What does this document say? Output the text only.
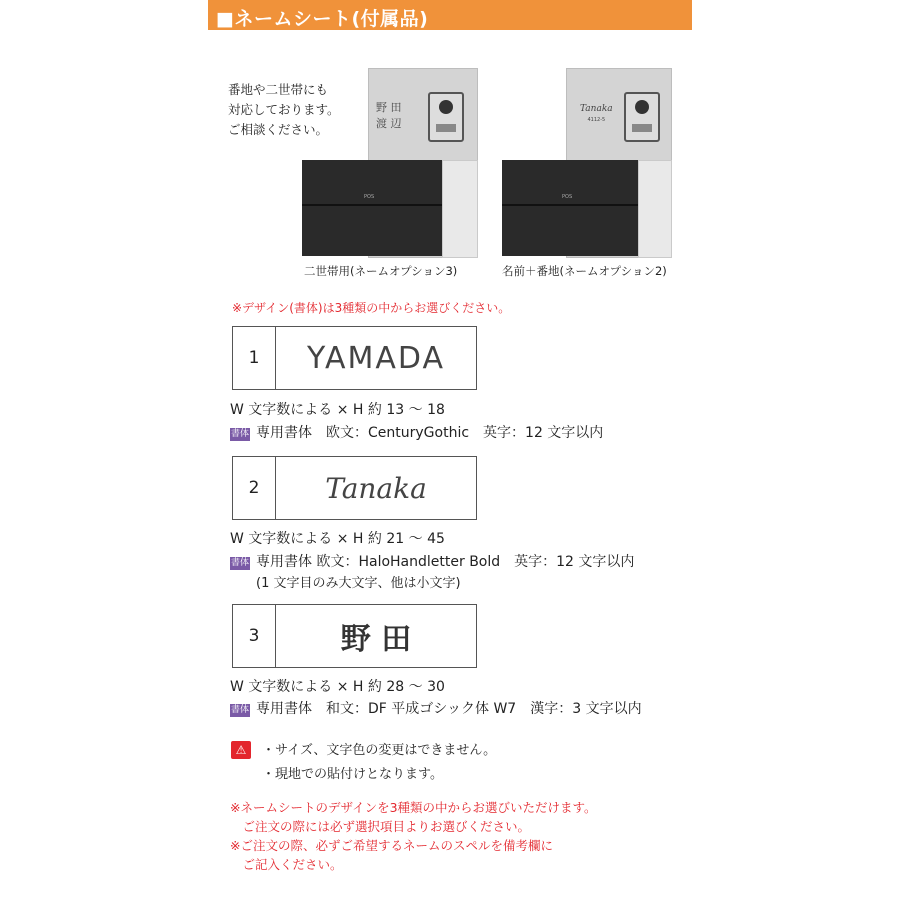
■ネームシート(付属品)
番地や二世帯にも
対応しております。
ご相談ください。
野 田
渡 辺
POS
二世帯用(ネームオプション3)
Tanaka
4112-5
POS
名前＋番地(ネームオプション2)
※デザイン(書体)は3種類の中からお選びください。
1	YAMADA
W 文字数による × H 約 13 ～ 18
書体 専用書体　欧文：CenturyGothic　英字：12 文字以内
2	Tanaka
W 文字数による × H 約 21 ～ 45
書体 専用書体 欧文：HaloHandletter Bold　英字：12 文字以内
(1 文字目のみ大文字、他は小文字)
3	野 田
W 文字数による × H 約 28 ～ 30
書体 専用書体　和文：DF 平成ゴシック体 W7　漢字：3 文字以内
⚠	・サイズ、文字色の変更はできません。
・現地での貼付けとなります。
※ネームシートのデザインを3種類の中からお選びいただけます。
　ご注文の際には必ず選択項目よりお選びください。
※ご注文の際、必ずご希望するネームのスペルを備考欄に
　ご記入ください。
